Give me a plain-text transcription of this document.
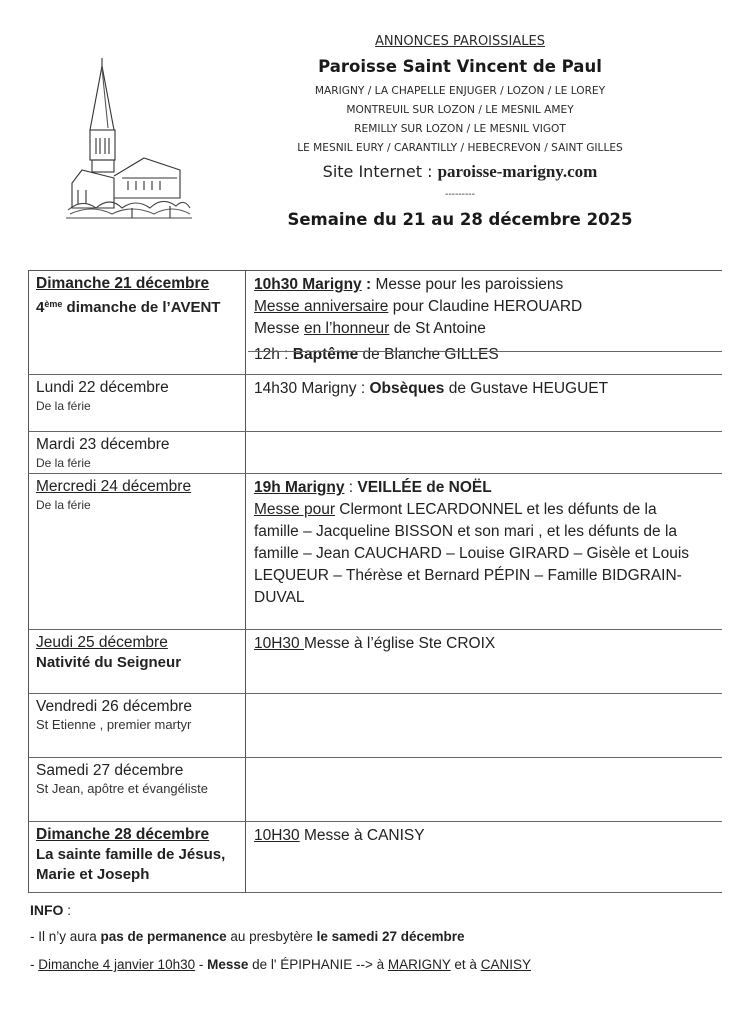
ANNONCES PAROISSIALES
Paroisse Saint Vincent de Paul
MARIGNY / LA CHAPELLE ENJUGER / LOZON / LE LOREY
MONTREUIL SUR LOZON / LE MESNIL AMEY
REMILLY SUR LOZON / LE MESNIL VIGOT
LE MESNIL EURY / CARANTILLY / HEBECREVON / SAINT GILLES
Site Internet : paroisse-marigny.com
---------
Semaine du 21 au 28 décembre 2025
Dimanche 21 décembre
4ème dimanche de l’AVENT
10h30 Marigny : Messe pour les paroissiens
Messe anniversaire pour Claudine HEROUARD
Messe en l’honneur de St Antoine
12h : Baptême de Blanche GILLES
Lundi 22 décembre
De la férie
14h30 Marigny : Obsèques de Gustave HEUGUET
Mardi 23 décembre
De la férie
Mercredi 24 décembre
De la férie
19h Marigny : VEILLÉE de NOËL
Messe pour Clermont LECARDONNEL et les défunts de la famille – Jacqueline BISSON et son mari , et les défunts de la famille – Jean CAUCHARD – Louise GIRARD – Gisèle et Louis LEQUEUR – Thérèse et Bernard PÉPIN – Famille BIDGRAIN-DUVAL
Jeudi 25 décembre
Nativité du Seigneur
10H30 Messe à l’église Ste CROIX
Vendredi 26 décembre
St Etienne , premier martyr
Samedi 27 décembre
St Jean, apôtre et évangéliste
Dimanche 28 décembre
La sainte famille de Jésus,
Marie et Joseph
10H30 Messe à CANISY
INFO :
- Il n’y aura pas de permanence au presbytère le samedi 27 décembre
- Dimanche 4 janvier 10h30 - Messe de l' ÉPIPHANIE --> à MARIGNY et à CANISY
